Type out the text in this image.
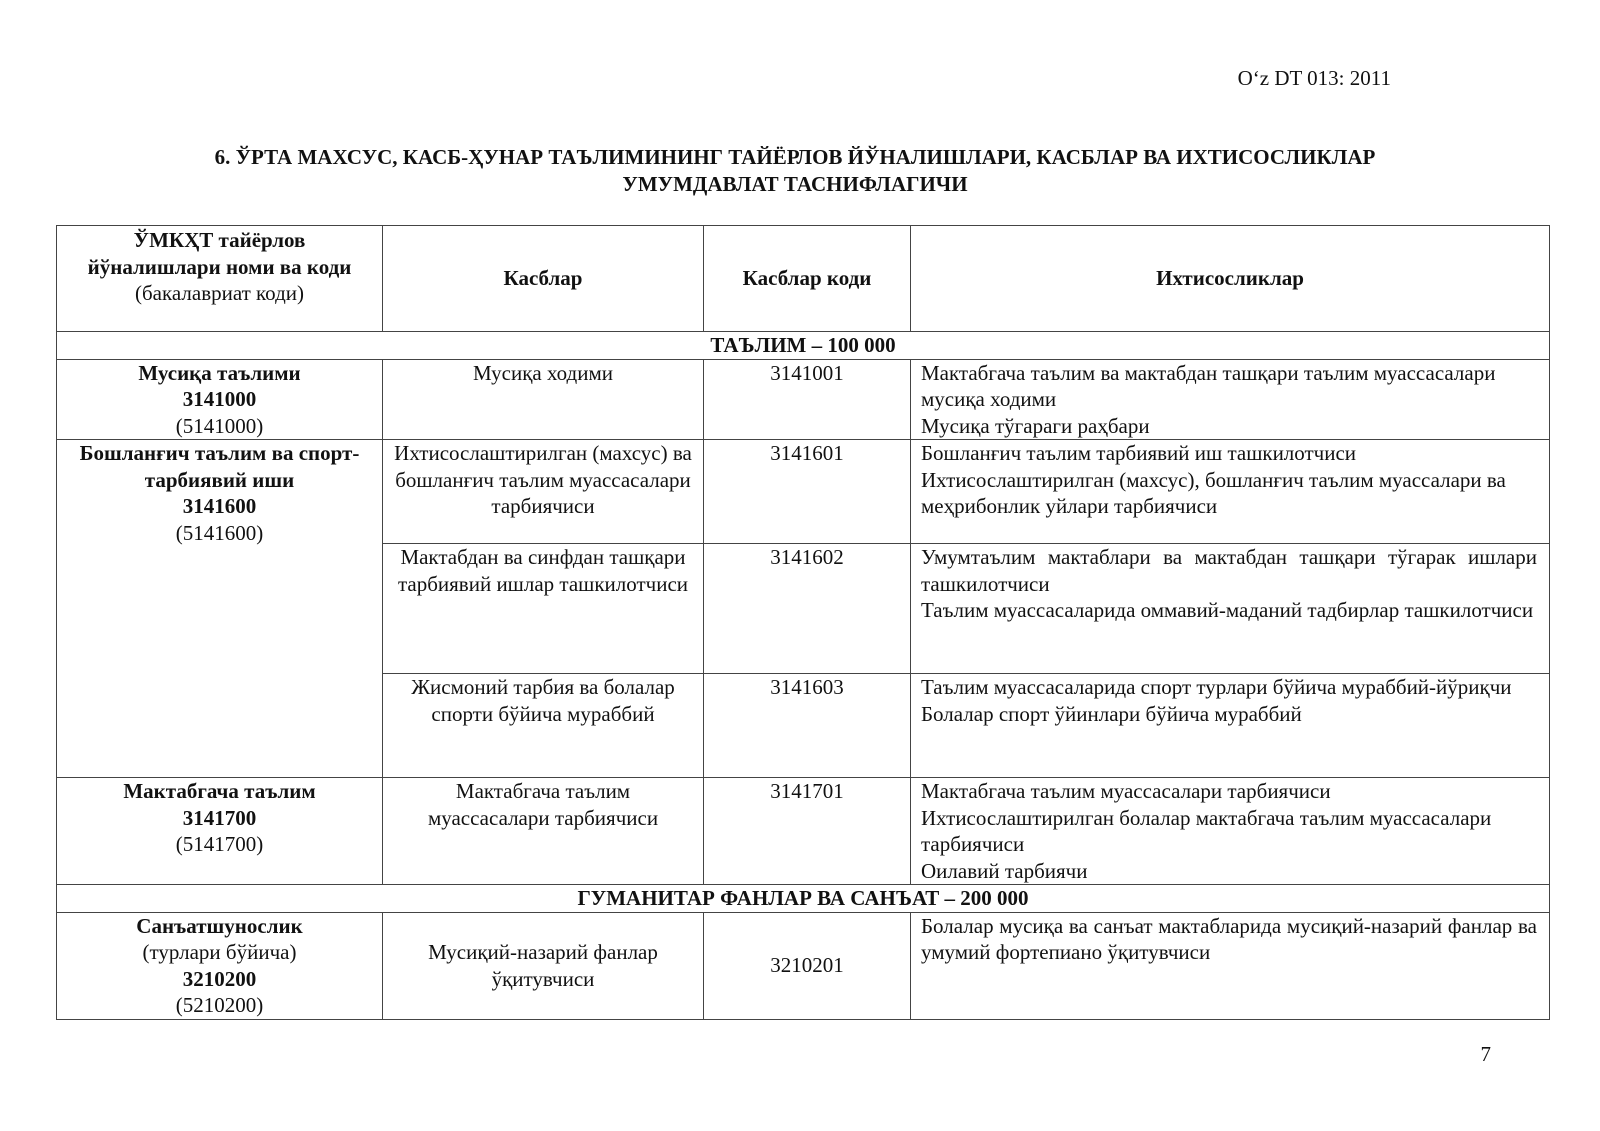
O‘z DT 013: 2011
6. ЎРТА МАХСУС, КАСБ-ҲУНАР ТАЪЛИМИНИНГ ТАЙЁРЛОВ ЙЎНАЛИШЛАРИ, КАСБЛАР ВА ИХТИСОСЛИКЛАР
УМУМДАВЛАТ ТАСНИФЛАГИЧИ
ЎМКҲТ тайёрлов
йўналишлари номи ва коди
(бакалавриат коди)	Касблар	Касблар коди	Ихтисосликлар
ТАЪЛИМ – 100 000			

Мусиқа таълими
3141000
(5141000)	Мусиқа ходими	3141001	Мактабгача таълим ва мактабдан ташқари таълим муассасалари мусиқа ходими
Мусиқа тўгараги раҳбари

Бошланғич таълим ва спорт-тарбиявий иши
3141600
(5141600)	Ихтисослаштирилган (махсус) ва бошланғич таълим муассасалари тарбиячиси	3141601	Бошланғич таълим тарбиявий иш ташкилотчиси
Ихтисослаштирилган (махсус), бошланғич таълим муассалари ва меҳрибонлик уйлари тарбиячиси

	Мактабдан ва синфдан ташқари тарбиявий ишлар ташкилотчиси	3141602	Умумтаълим мактаблари ва мактабдан ташқари тўгарак ишлари ташкилотчиси
Таълим муассасаларида оммавий-маданий тадбирлар ташкилотчиси

	Жисмоний тарбия ва болалар спорти бўйича мураббий	3141603	Таълим муассасаларида спорт турлари бўйича мураббий-йўриқчи
Болалар спорт ўйинлари бўйича мураббий

Мактабгача таълим
3141700
(5141700)	Мактабгача таълим муассасалари тарбиячиси	3141701	Мактабгача таълим муассасалари тарбиячиси
Ихтисослаштирилган болалар мактабгача таълим муассасалари тарбиячиси
Оилавий тарбиячи

ГУМАНИТАР ФАНЛАР ВА САНЪАТ – 200 000			

Санъатшунослик
(турлари бўйича)
3210200
(5210200)	Мусиқий-назарий фанлар ўқитувчиси	3210201	Болалар мусиқа ва санъат мактабларида мусиқий-назарий фанлар ва умумий фортепиано ўқитувчиси
7
